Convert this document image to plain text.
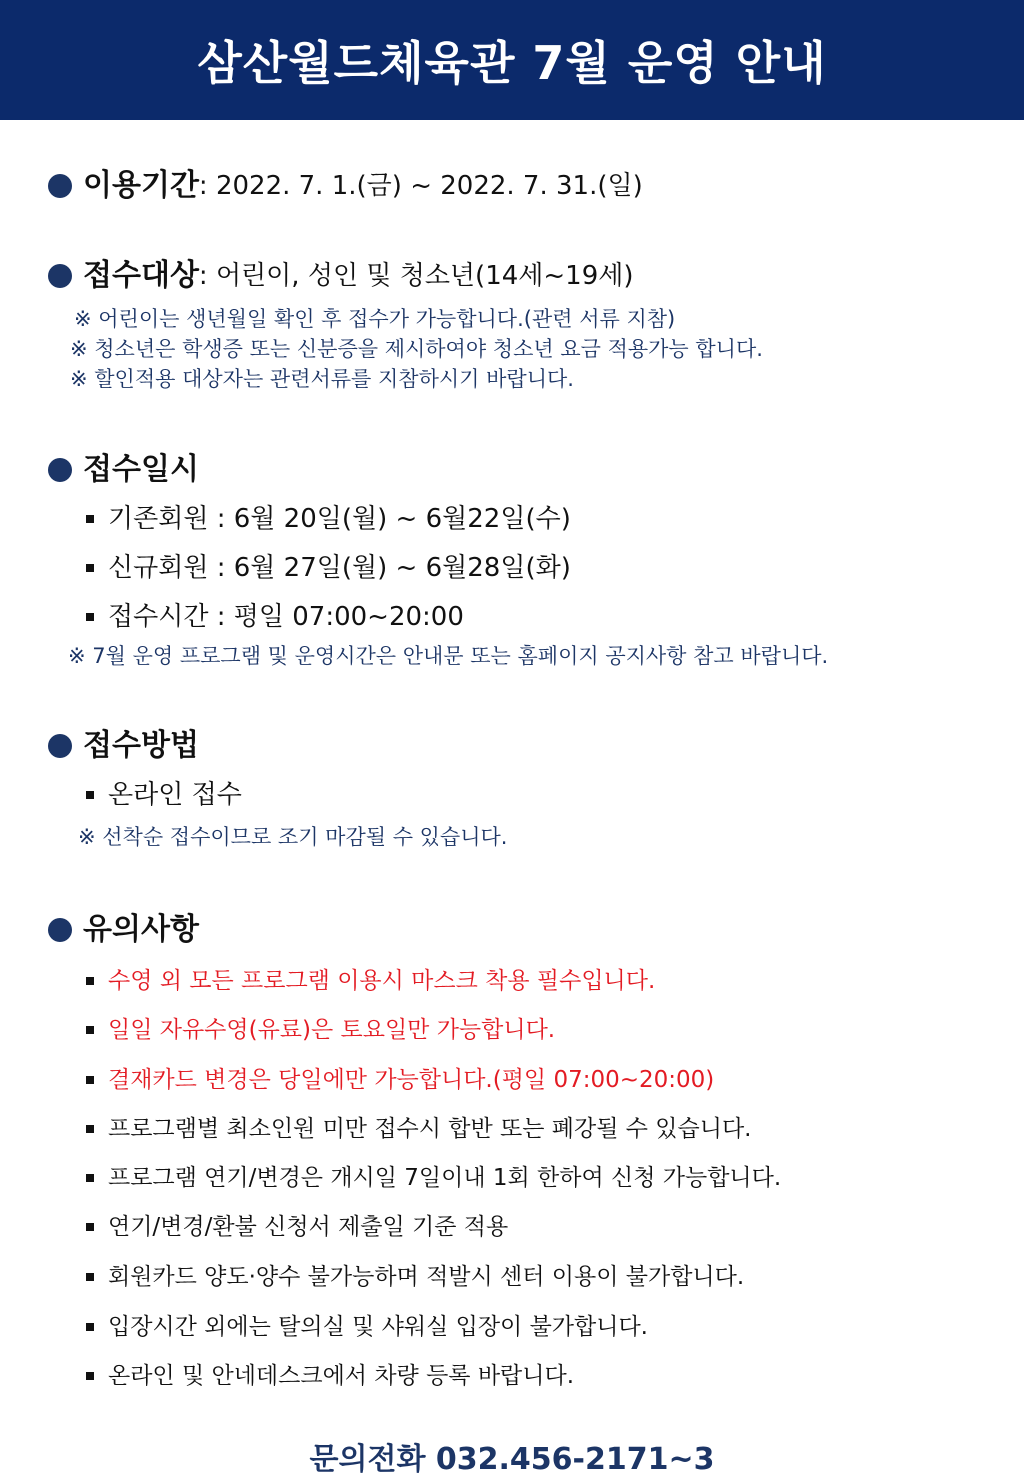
삼산월드체육관 7월 운영 안내
이용기간 : 2022. 7. 1.(금) ~ 2022. 7. 31.(일)
접수대상 : 어린이, 성인 및 청소년(14세~19세)
※ 어린이는 생년월일 확인 후 접수가 가능합니다.(관련 서류 지참)
※ 청소년은 학생증 또는 신분증을 제시하여야 청소년 요금 적용가능 합니다.
※ 할인적용 대상자는 관련서류를 지참하시기 바랍니다.
접수일시
기존회원 : 6월 20일(월) ~ 6월22일(수)
신규회원 : 6월 27일(월) ~ 6월28일(화)
접수시간 : 평일 07:00~20:00
※ 7월 운영 프로그램 및 운영시간은 안내문 또는 홈페이지 공지사항 참고 바랍니다.
접수방법
온라인 접수
※ 선착순 접수이므로 조기 마감될 수 있습니다.
유의사항
수영 외 모든 프로그램 이용시 마스크 착용 필수입니다.
일일 자유수영(유료)은 토요일만 가능합니다.
결재카드 변경은 당일에만 가능합니다.(평일 07:00~20:00)
프로그램별 최소인원 미만 접수시 합반 또는 폐강될 수 있습니다.
프로그램 연기/변경은 개시일 7일이내 1회 한하여 신청 가능합니다.
연기/변경/환불 신청서 제출일 기준 적용
회원카드 양도·양수 불가능하며 적발시 센터 이용이 불가합니다.
입장시간 외에는 탈의실 및 샤워실 입장이 불가합니다.
온라인 및 안네데스크에서 차량 등록 바랍니다.
문의전화 032.456-2171~3
